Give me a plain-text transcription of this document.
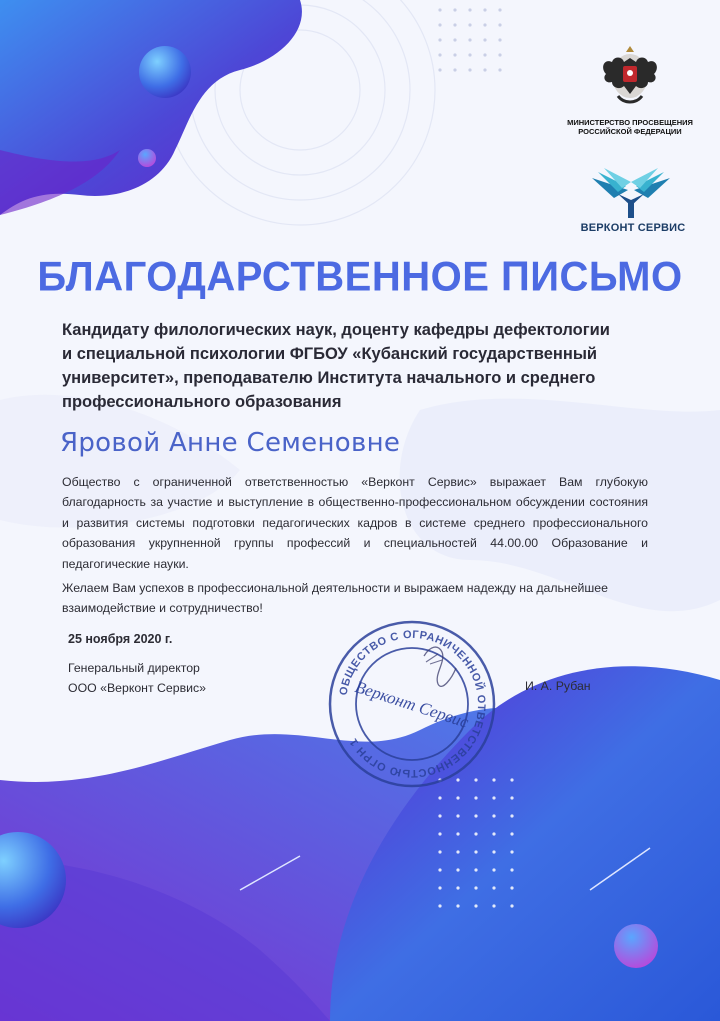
МИНИСТЕРСТВО ПРОСВЕЩЕНИЯ
РОССИЙСКОЙ ФЕДЕРАЦИИ
ВЕРКОНТ СЕРВИС
БЛАГОДАРСТВЕННОЕ ПИСЬМО
Кандидату филологических наук, доценту кафедры дефектологии
и специальной психологии ФГБОУ «Кубанский государственный
университет», преподавателю Института начального и среднего
профессионального образования
Яровой Анне Семеновне

Общество с ограниченной ответственностью «Верконт Сервис» выражает Вам глубокую благодарность за участие и выступление в общественно-профессиональном обсуждении состояния и развития системы подготовки педагогических кадров в системе среднего профессионального образования укрупненной группы профессий и специальностей 44.00.00 Образование и педагогические науки.

Желаем Вам успехов в профессиональной деятельности и выражаем надежду на дальнейшее взаимодействие и сотрудничество!
25 ноября 2020 г.
Генеральный директор
ООО «Верконт Сервис»	И. А. Рубан
ОБЩЕСТВО С ОГРАНИЧЕННОЙ ОТВЕТСТВЕННОСТЬЮ ОГРН 1
Верконт Сервис
